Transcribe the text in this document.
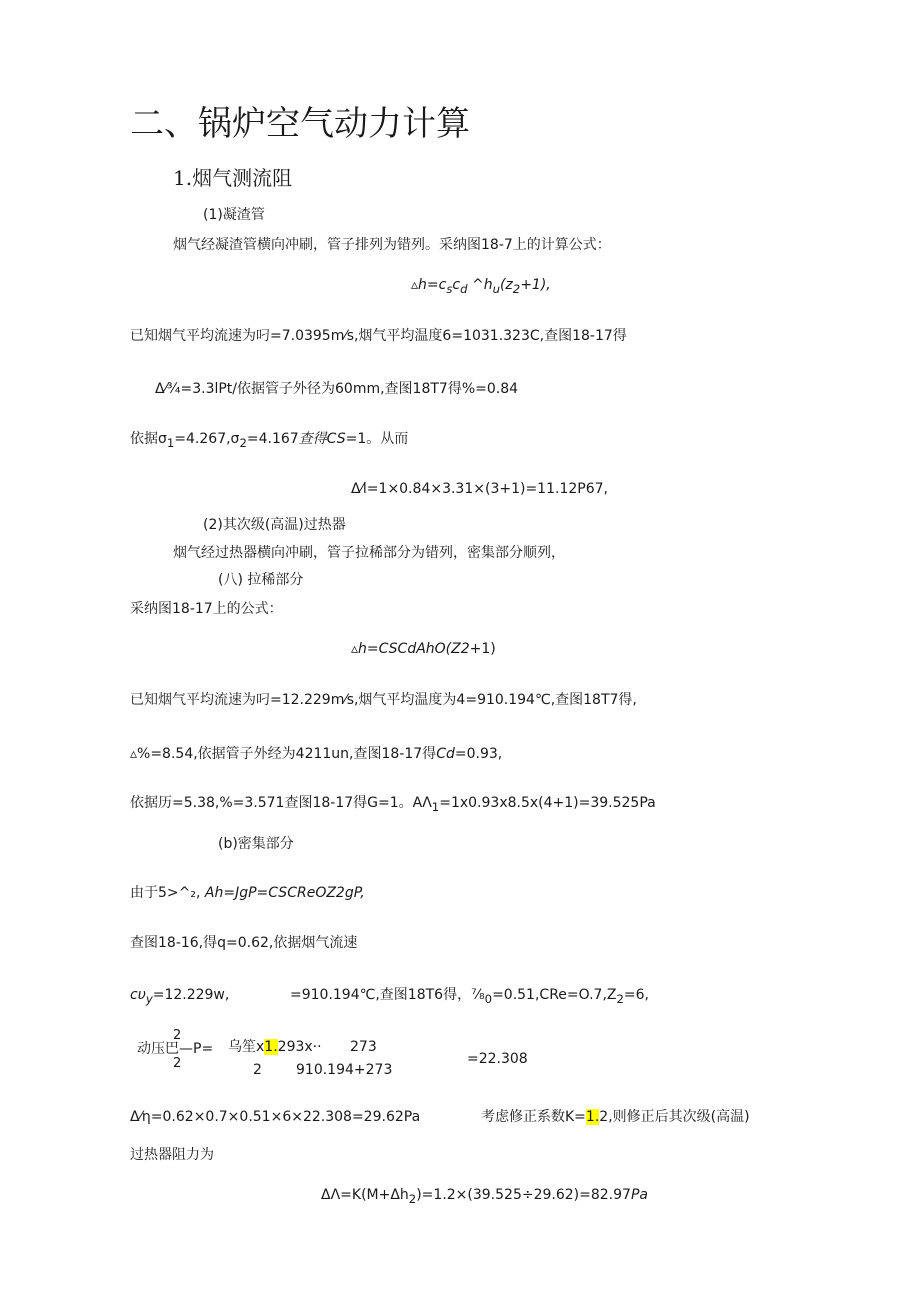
二、锅炉空气动力计算
1.烟气测流阻
(1)凝渣管
烟气经凝渣管横向冲刷，管子排列为错列。采纳图18-7上的计算公式：
$▵h=c_sc_d$ $\^{}h_u(z_2+1)$,
已知烟气平均流速为叼=7.0395m⁄s,烟气平均温度6=1031.323C,查图18-17得
Δ⁄¾=3.3lPt/依据管子外径为60mm,查图18T7得%=0.84
依据$\sigma_1=4.267,\sigma_2=4.167$查得CS=1。从而
Δ⁄l=1×0.84×3.31×(3+1)=11.12P67,
(2)其次级(高温)过热器
烟气经过热器横向冲刷，管子拉稀部分为错列，密集部分顺列，
(八) 拉稀部分
采纳图18-17上的公式：
▵h=CSCdAhO(Z2+1)
已知烟气平均流速为叼=12.229m⁄s,烟气平均温度为4=910.194℃,查图18T7得,
▵%=8.54,依据管子外经为4211un,查图18-17得Cd=0.93,
依据历=5.38,%=3.571查图18-17得G=1。$A\Lambda_1=1x0.93x8.5x(4+1)=39.525Pa$
(b)密集部分
由于5>^₂, Ah=JgP=CSCReOZ2gP,
查图18-16,得q=0.62,依据烟气流速
$c\upsilon_y=12.229w$,	=910.194℃,查图18T6得，$\frac{7}{8}_0=0.51,CRe=O.7,Z_2=6$,
2
动压巴—P=
2
乌笙x1.293x·· 273
2 910.194+273
=22.308
Δ⁄η=0.62×0.7×0.51×6×22.308=29.62Pa	考虑修正系数K=1.2,则修正后其次级(高温)
过热器阻力为
$\Delta\Lambda=K(M+\Delta h_2)=1.2\times(39.525\div 29.62)=82.97Pa$
